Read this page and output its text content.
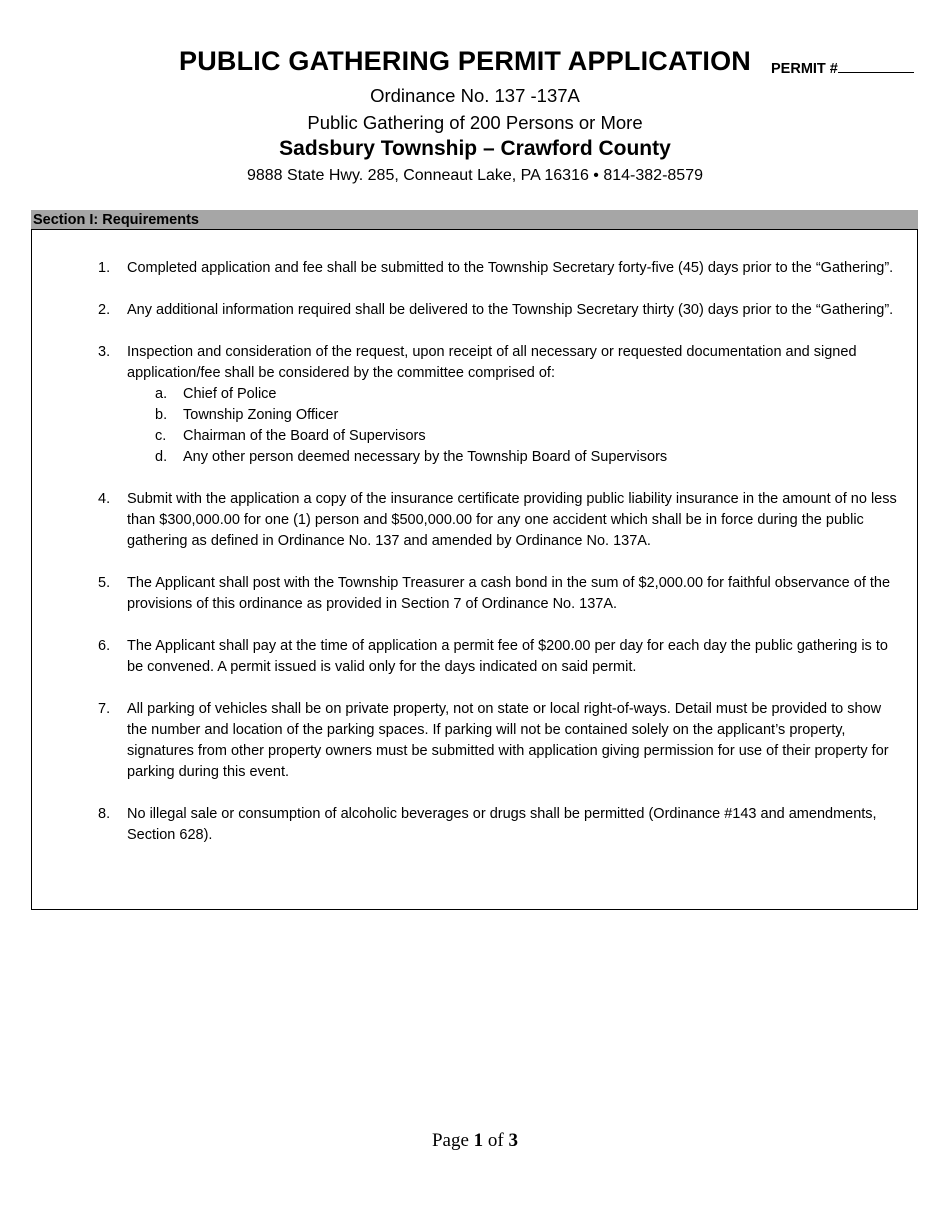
PUBLIC GATHERING PERMIT APPLICATION	PERMIT #
Ordinance No. 137 -137A
Public Gathering of 200 Persons or More
Sadsbury Township – Crawford County
9888 State Hwy. 285, Conneaut Lake, PA 16316 • 814-382-8579
Section I: Requirements
1. Completed application and fee shall be submitted to the Township Secretary forty-five (45) days prior to the “Gathering”.
2. Any additional information required shall be delivered to the Township Secretary thirty (30) days prior to the “Gathering”.
3. Inspection and consideration of the request, upon receipt of all necessary or requested documentation and signed application/fee shall be considered by the committee comprised of:
a. Chief of Police
b. Township Zoning Officer
c. Chairman of the Board of Supervisors
d. Any other person deemed necessary by the Township Board of Supervisors
4. Submit with the application a copy of the insurance certificate providing public liability insurance in the amount of no less than $300,000.00 for one (1) person and $500,000.00 for any one accident which shall be in force during the public gathering as defined in Ordinance No. 137 and amended by Ordinance No. 137A.
5. The Applicant shall post with the Township Treasurer a cash bond in the sum of $2,000.00 for faithful observance of the provisions of this ordinance as provided in Section 7 of Ordinance No. 137A.
6. The Applicant shall pay at the time of application a permit fee of $200.00 per day for each day the public gathering is to be convened. A permit issued is valid only for the days indicated on said permit.
7. All parking of vehicles shall be on private property, not on state or local right-of-ways. Detail must be provided to show the number and location of the parking spaces. If parking will not be contained solely on the applicant’s property, signatures from other property owners must be submitted with application giving permission for use of their property for parking during this event.
8. No illegal sale or consumption of alcoholic beverages or drugs shall be permitted (Ordinance #143 and amendments, Section 628).
Page 1 of 3
